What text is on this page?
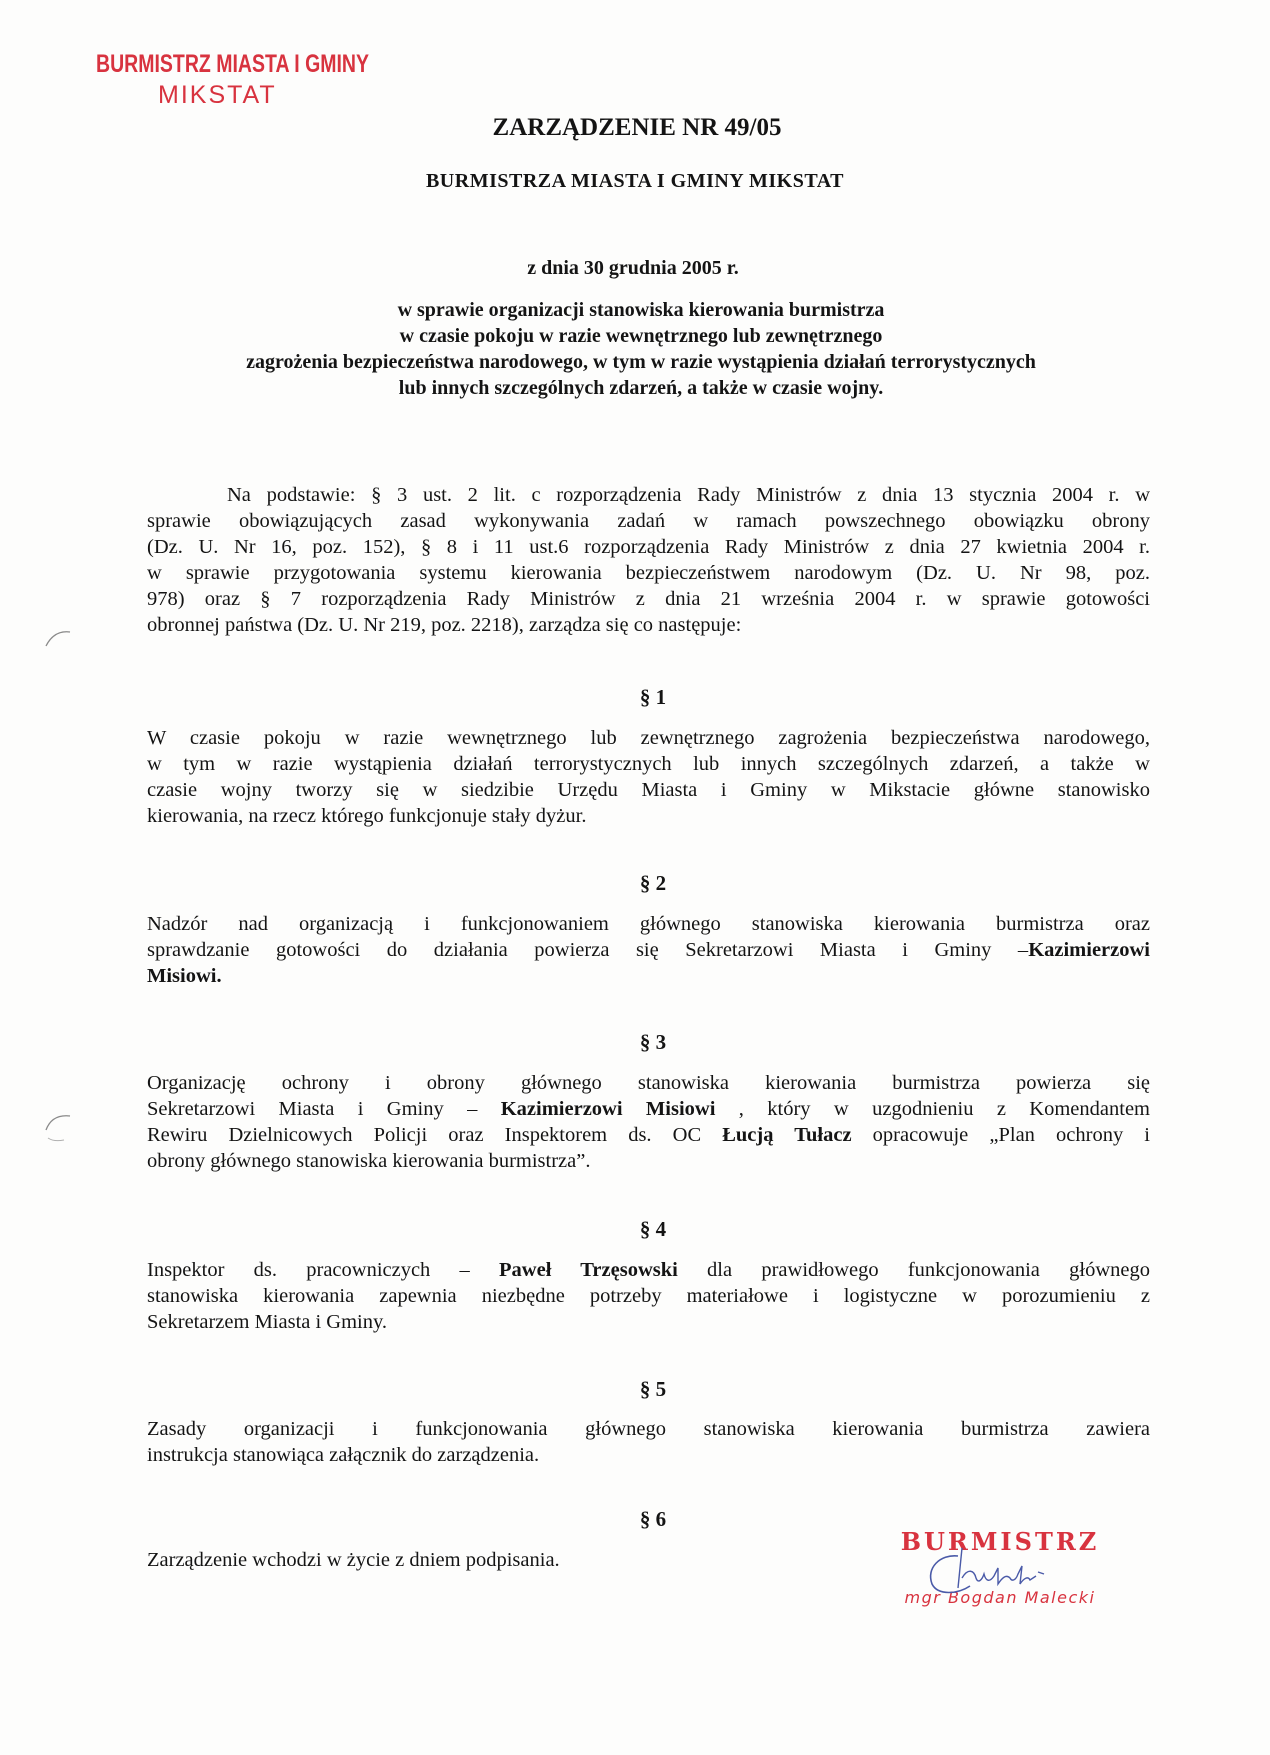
BURMISTRZ MIASTA I GMINY
MIKSTAT
ZARZĄDZENIE NR 49/05
BURMISTRZA MIASTA I GMINY MIKSTAT
z dnia 30 grudnia 2005 r.
w sprawie organizacji stanowiska kierowania burmistrza
w czasie pokoju w razie wewnętrznego lub zewnętrznego
zagrożenia bezpieczeństwa narodowego, w tym w razie wystąpienia działań terrorystycznych
lub innych szczególnych zdarzeń, a także w czasie wojny.
Na podstawie: § 3 ust. 2 lit. c rozporządzenia Rady Ministrów z dnia 13 stycznia 2004 r. w
sprawie obowiązujących zasad wykonywania zadań w ramach powszechnego obowiązku obrony
(Dz. U. Nr 16, poz. 152), § 8 i 11 ust.6 rozporządzenia Rady Ministrów z dnia 27 kwietnia 2004 r.
w sprawie przygotowania systemu kierowania bezpieczeństwem narodowym (Dz. U. Nr 98, poz.
978) oraz § 7 rozporządzenia Rady Ministrów z dnia 21 września 2004 r. w sprawie gotowości
obronnej państwa (Dz. U. Nr 219, poz. 2218), zarządza się co następuje:
§ 1
W czasie pokoju w razie wewnętrznego lub zewnętrznego zagrożenia bezpieczeństwa narodowego,
w tym w razie wystąpienia działań terrorystycznych lub innych szczególnych zdarzeń, a także w
czasie wojny tworzy się w siedzibie Urzędu Miasta i Gminy w Mikstacie główne stanowisko
kierowania, na rzecz którego funkcjonuje stały dyżur.
§ 2
Nadzór nad organizacją i funkcjonowaniem głównego stanowiska kierowania burmistrza oraz
sprawdzanie gotowości do działania powierza się Sekretarzowi Miasta i Gminy –Kazimierzowi
Misiowi.
§ 3
Organizację ochrony i obrony głównego stanowiska kierowania burmistrza powierza się
Sekretarzowi Miasta i Gminy – Kazimierzowi Misiowi , który w uzgodnieniu z Komendantem
Rewiru Dzielnicowych Policji oraz Inspektorem ds. OC Łucją Tułacz opracowuje „Plan ochrony i
obrony głównego stanowiska kierowania burmistrza”.
§ 4
Inspektor ds. pracowniczych – Paweł Trzęsowski dla prawidłowego funkcjonowania głównego
stanowiska kierowania zapewnia niezbędne potrzeby materiałowe i logistyczne w porozumieniu z
Sekretarzem Miasta i Gminy.
§ 5
Zasady organizacji i funkcjonowania głównego stanowiska kierowania burmistrza zawiera
instrukcja stanowiąca załącznik do zarządzenia.
§ 6
Zarządzenie wchodzi w życie z dniem podpisania.
BURMISTRZ
mgr Bogdan Malecki
